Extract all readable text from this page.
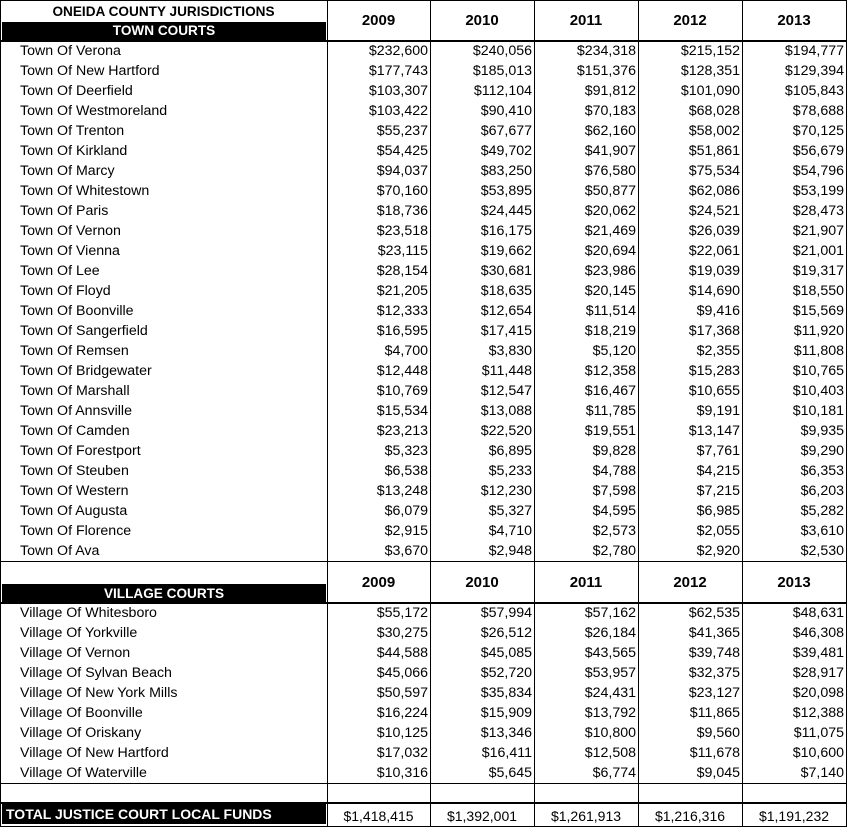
ONEIDA COUNTY JURISDICTIONS
TOWN COURTS
2009	2010	2011	2012	2013
Town Of Verona	$232,600	$240,056	$234,318	$215,152	$194,777
Town Of New Hartford	$177,743	$185,013	$151,376	$128,351	$129,394
Town Of Deerfield	$103,307	$112,104	$91,812	$101,090	$105,843
Town Of Westmoreland	$103,422	$90,410	$70,183	$68,028	$78,688
Town Of Trenton	$55,237	$67,677	$62,160	$58,002	$70,125
Town Of Kirkland	$54,425	$49,702	$41,907	$51,861	$56,679
Town Of Marcy	$94,037	$83,250	$76,580	$75,534	$54,796
Town Of Whitestown	$70,160	$53,895	$50,877	$62,086	$53,199
Town Of Paris	$18,736	$24,445	$20,062	$24,521	$28,473
Town Of Vernon	$23,518	$16,175	$21,469	$26,039	$21,907
Town Of Vienna	$23,115	$19,662	$20,694	$22,061	$21,001
Town Of Lee	$28,154	$30,681	$23,986	$19,039	$19,317
Town Of Floyd	$21,205	$18,635	$20,145	$14,690	$18,550
Town Of Boonville	$12,333	$12,654	$11,514	$9,416	$15,569
Town Of Sangerfield	$16,595	$17,415	$18,219	$17,368	$11,920
Town Of Remsen	$4,700	$3,830	$5,120	$2,355	$11,808
Town Of Bridgewater	$12,448	$11,448	$12,358	$15,283	$10,765
Town Of Marshall	$10,769	$12,547	$16,467	$10,655	$10,403
Town Of Annsville	$15,534	$13,088	$11,785	$9,191	$10,181
Town Of Camden	$23,213	$22,520	$19,551	$13,147	$9,935
Town Of Forestport	$5,323	$6,895	$9,828	$7,761	$9,290
Town Of Steuben	$6,538	$5,233	$4,788	$4,215	$6,353
Town Of Western	$13,248	$12,230	$7,598	$7,215	$6,203
Town Of Augusta	$6,079	$5,327	$4,595	$6,985	$5,282
Town Of Florence	$2,915	$4,710	$2,573	$2,055	$3,610
Town Of Ava	$3,670	$2,948	$2,780	$2,920	$2,530
VILLAGE COURTS
2009	2010	2011	2012	2013
Village Of Whitesboro	$55,172	$57,994	$57,162	$62,535	$48,631
Village Of Yorkville	$30,275	$26,512	$26,184	$41,365	$46,308
Village Of Vernon	$44,588	$45,085	$43,565	$39,748	$39,481
Village Of Sylvan Beach	$45,066	$52,720	$53,957	$32,375	$28,917
Village Of New York Mills	$50,597	$35,834	$24,431	$23,127	$20,098
Village Of Boonville	$16,224	$15,909	$13,792	$11,865	$12,388
Village Of Oriskany	$10,125	$13,346	$10,800	$9,560	$11,075
Village Of New Hartford	$17,032	$16,411	$12,508	$11,678	$10,600
Village Of Waterville	$10,316	$5,645	$6,774	$9,045	$7,140
TOTAL JUSTICE COURT LOCAL FUNDS	$1,418,415	$1,392,001	$1,261,913	$1,216,316	$1,191,232
